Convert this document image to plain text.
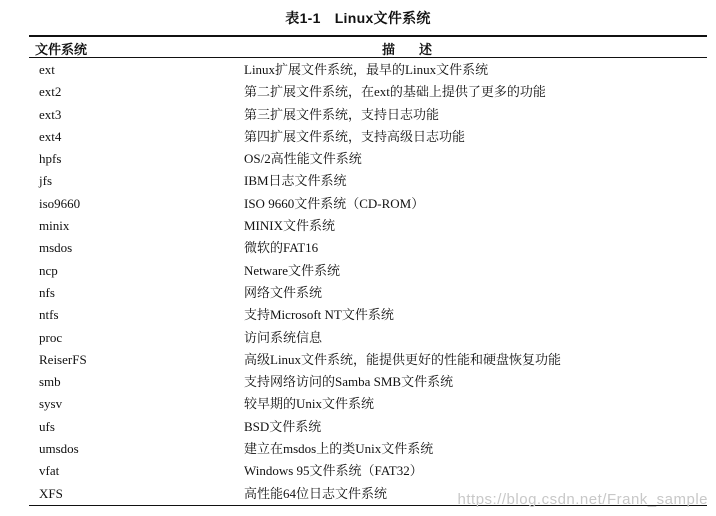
表1-1 Linux文件系统
文件系统	描述
ext	Linux扩展文件系统，最早的Linux文件系统
ext2	第二扩展文件系统，在ext的基础上提供了更多的功能
ext3	第三扩展文件系统，支持日志功能
ext4	第四扩展文件系统，支持高级日志功能
hpfs	OS/2高性能文件系统
jfs	IBM日志文件系统
iso9660	ISO 9660文件系统（CD-ROM）
minix	MINIX文件系统
msdos	微软的FAT16
ncp	Netware文件系统
nfs	网络文件系统
ntfs	支持Microsoft NT文件系统
proc	访问系统信息
ReiserFS	高级Linux文件系统，能提供更好的性能和硬盘恢复功能
smb	支持网络访问的Samba SMB文件系统
sysv	较早期的Unix文件系统
ufs	BSD文件系统
umsdos	建立在msdos上的类Unix文件系统
vfat	Windows 95文件系统（FAT32）
XFS	高性能64位日志文件系统	https://blog.csdn.net/Frank_sample
